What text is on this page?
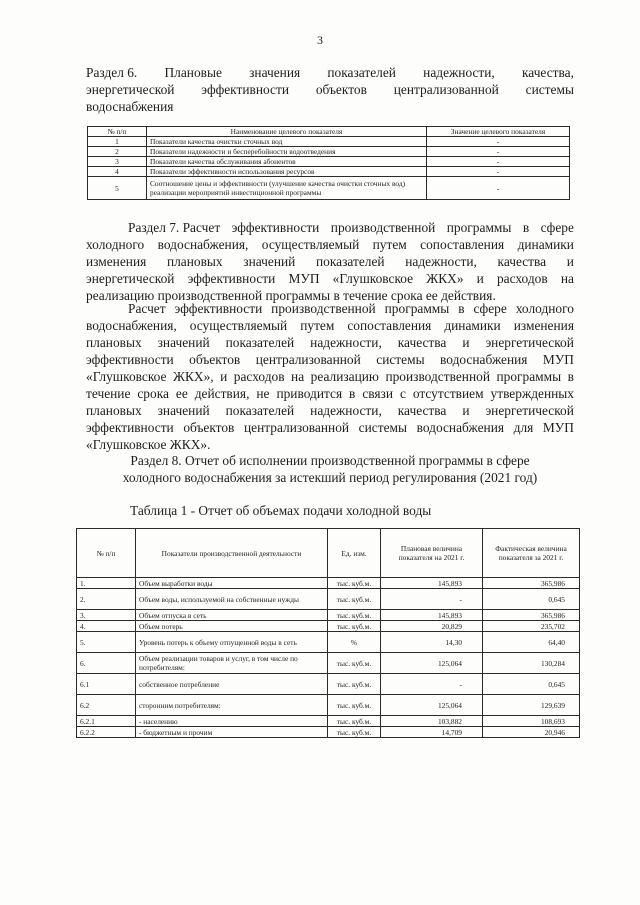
3
Раздел 6. Плановые значения показателей надежности, качества,
энергетической эффективности объектов централизованной системы
водоснабжения
№ п/п	Наименование целевого показателя	Значение целевого показателя
1	Показатели качества очистки сточных вод	-
2	Показатели надежности и бесперебойности водоотведения	-
3	Показатели качества обслуживания абонентов	-
4	Показатели эффективности использования ресурсов	-
5	Соотношение цены и эффективности (улучшение качества очистки сточных вод) реализации мероприятий инвестиционной программы	-
Раздел 7. Расчет эффективности производственной программы в сфере
холодного водоснабжения, осуществляемый путем сопоставления динамики
изменения плановых значений показателей надежности, качества и
энергетической эффективности МУП «Глушковское ЖКХ» и расходов на
реализацию производственной программы в течение срока ее действия.
Расчет эффективности производственной программы в сфере холодного
водоснабжения, осуществляемый путем сопоставления динамики изменения
плановых значений показателей надежности, качества и энергетической
эффективности объектов централизованной системы водоснабжения МУП
«Глушковское ЖКХ», и расходов на реализацию производственной программы в
течение срока ее действия, не приводится в связи с отсутствием утвержденных
плановых значений показателей надежности, качества и энергетической
эффективности объектов централизованной системы водоснабжения для МУП
«Глушковское ЖКХ».
Раздел 8. Отчет об исполнении производственной программы в сфере
холодного водоснабжения за истекший период регулирования (2021 год)
Таблица 1 - Отчет об объемах подачи холодной воды
№ п/п	Показатели производственной деятельности	Ед. изм.	Плановая величина показателя на 2021 г.	Фактическая величина показателя за 2021 г.
1.	Объем выработки воды	тыс. куб.м.	145,893	365,986
2.	Объем воды, используемой на собственные нужды	тыс. куб.м.	-	0,645
3.	Объем отпуска в сеть	тыс. куб.м.	145,893	365,986
4.	Объем потерь	тыс. куб.м.	20,829	235,702
5.	Уровень потерь к объему отпущенной воды в сеть	%	14,30	64,40
6.	Объем реализации товаров и услуг, в том числе по потребителям:	тыс. куб.м.	125,064	130,284
6.1	собственное потребление	тыс. куб.м.	-	0,645
6.2	сторонним потребителям:	тыс. куб.м.	125,064	129,639
6.2.1	- населению	тыс. куб.м.	103,882	108,693
6.2.2	- бюджетным и прочим	тыс. куб.м.	14,709	20,946
